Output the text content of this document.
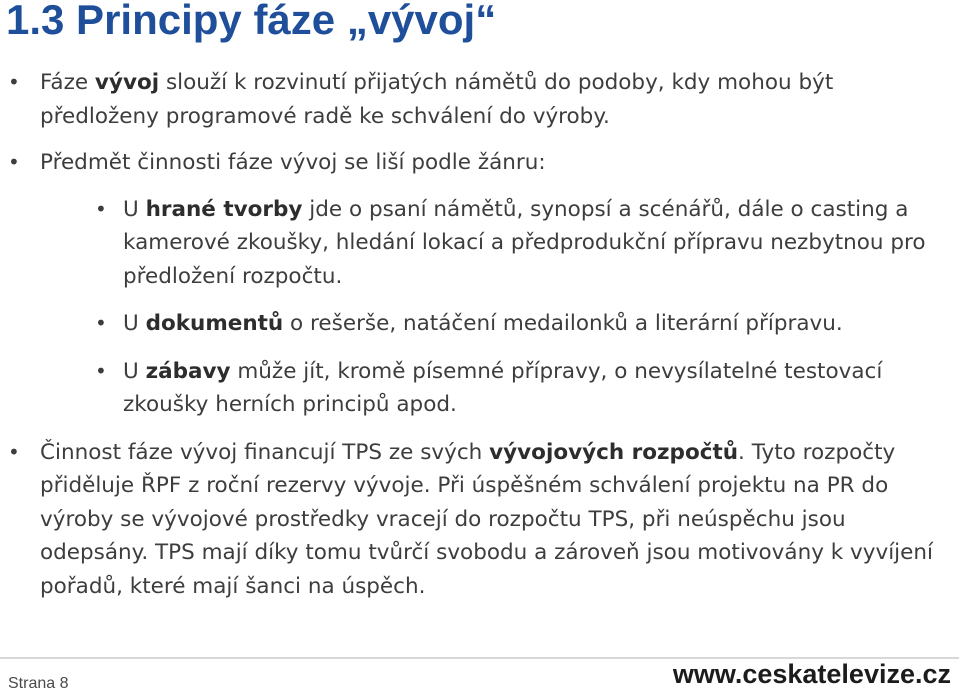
1.3 Principy fáze „vývoj“
• Fáze vývoj slouží k rozvinutí přijatých námětů do podoby, kdy mohou být předloženy programové radě ke schválení do výroby.
• Předmět činnosti fáze vývoj se liší podle žánru:
• U hrané tvorby jde o psaní námětů, synopsí a scénářů, dále o casting a kamerové zkoušky, hledání lokací a předprodukční přípravu nezbytnou pro předložení rozpočtu.
• U dokumentů o rešerše, natáčení medailonků a literární přípravu.
• U zábavy může jít, kromě písemné přípravy, o nevysílatelné testovací zkoušky herních principů apod.
• Činnost fáze vývoj financují TPS ze svých vývojových rozpočtů. Tyto rozpočty přiděluje ŘPF z roční rezervy vývoje. Při úspěšném schválení projektu na PR do výroby se vývojové prostředky vracejí do rozpočtu TPS, při neúspěchu jsou odepsány. TPS mají díky tomu tvůrčí svobodu a zároveň jsou motivovány k vyvíjení pořadů, které mají šanci na úspěch.
Strana 8	www.ceskatelevize.cz
